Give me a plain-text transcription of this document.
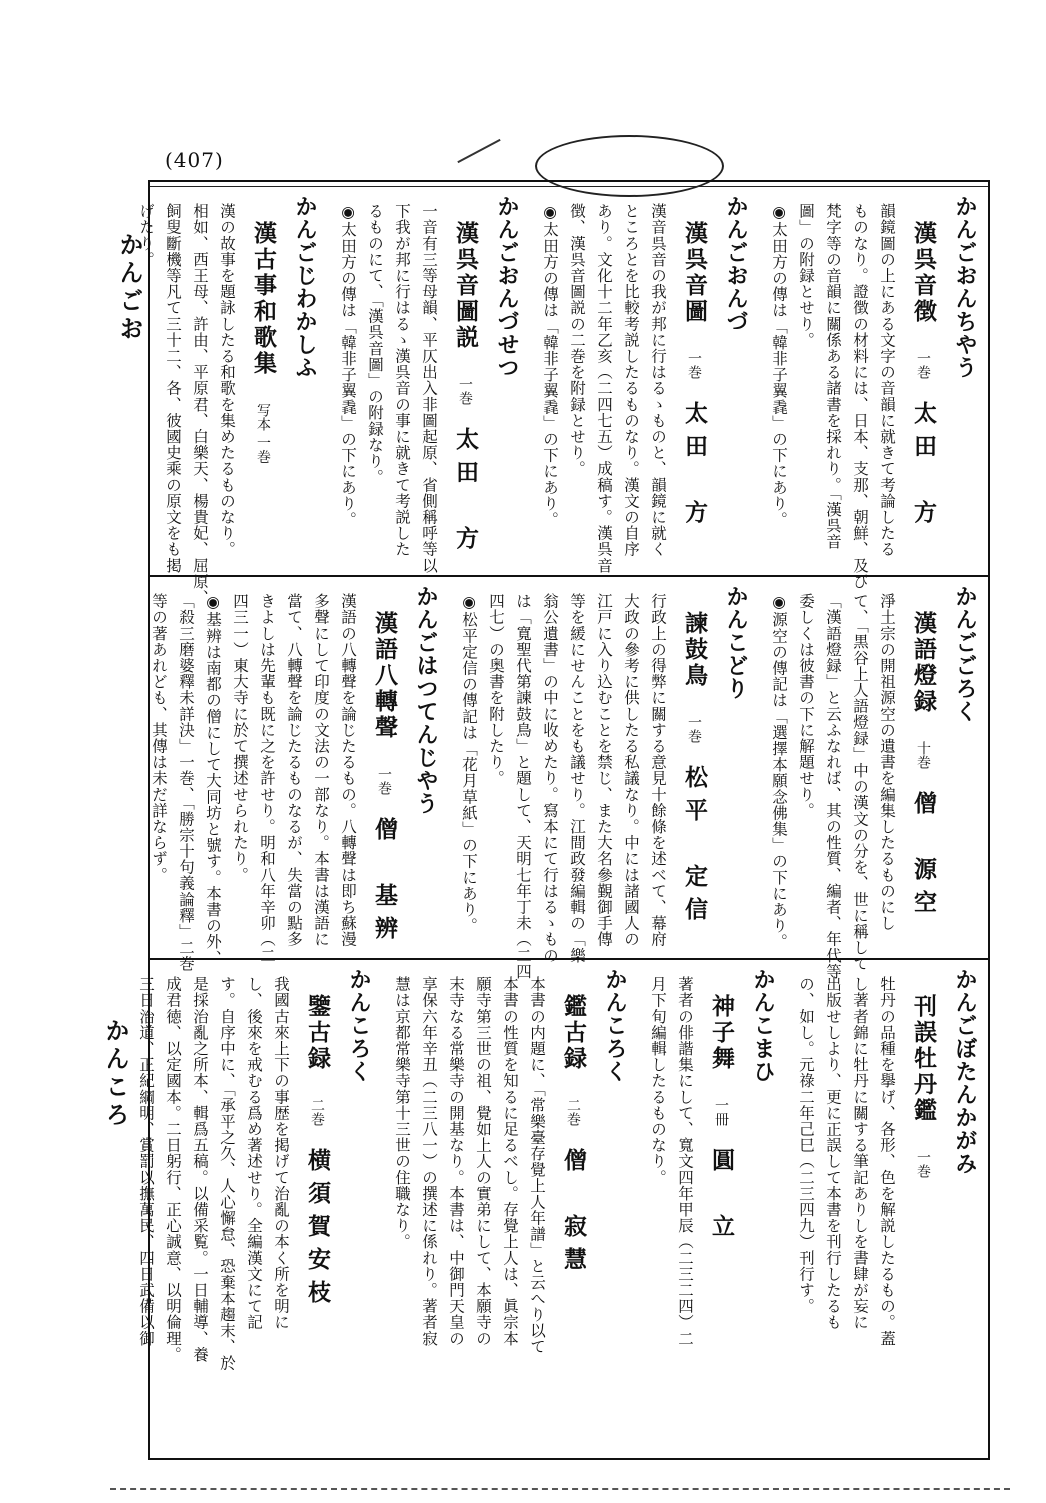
(407)
かんごお
かんころ
かんごおんちやう
漢呉音徴
一巻
太田　方

韻鏡圖の上にある文字の音韻に就きて考論したる

ものなり。證徴の材料には、日本、支那、朝鮮、及び

梵字等の音韻に關係ある諸書を採れり。「漢呉音

圖」の附録とせり。

◉太田方の傳は「韓非子翼毳」の下にあり。

かんごおんづ
漢呉音圖
一巻
太田　方

漢音呉音の我が邦に行はるゝものと、韻鏡に就く

ところとを比較考説したるものなり。漢文の自序

あり。文化十二年乙亥（二四七五）成稿す。漢呉音

徴、漢呉音圖説の二巻を附録とせり。

◉太田方の傳は「韓非子翼毳」の下にあり。

かんごおんづせつ
漢呉音圖説
一巻
太田　方

一音有三等母韻、平仄出入非圖起原、省側稱呼等以

下我が邦に行はるゝ漢呉音の事に就きて考説した

るものにて、「漢呉音圖」の附録なり。

◉太田方の傳は「韓非子翼毳」の下にあり。

かんごじわかしふ
漢古事和歌集
写本 一巻

漢の故事を題詠したる和歌を集めたるものなり。

相如、西王母、許由、平原君、白樂天、楊貴妃、屈原、

飼叟斷機等凡て三十二、各、彼國史乘の原文をも掲

げたり。

かんごごろく
漢語燈録
十巻
僧　源空

淨土宗の開祖源空の遺書を編集したるものにし

て、「黒谷上人語燈録」中の漢文の分を、世に稱して

「漢語燈録」と云ふなれば、其の性質、編者、年代等

委しくは彼書の下に解題せり。

◉源空の傳記は「選擇本願念佛集」の下にあり。

かんこどり
諫鼓鳥
一巻
松平　定信

行政上の得弊に關する意見十餘條を述べて、幕府

大政の參考に供したる私議なり。中には諸國人の

江戸に入り込むことを禁じ、また大名參覲御手傳

等を緩にせんことをも議せり。江間政發編輯の「樂

翁公遺書」の中に收めたり。寫本にて行はるゝもの

は「寬聖代第諫鼓鳥」と題して、天明七年丁未（二四

四七）の奥書を附したり。

◉松平定信の傳記は「花月草紙」の下にあり。

かんごはつてんじやう
漢語八轉聲
一巻
僧　基辨

漢語の八轉聲を論じたるもの。八轉聲は即ち蘇漫

多聲にして印度の文法の一部なり。本書は漢語に

當て、八轉聲を論じたるものなるが、失當の點多

きよしは先輩も既に之を許せり。明和八年辛卯（二

四三一）東大寺に於て撰述せられたり。

◉基辨は南都の僧にして大同坊と號す。本書の外、

「殺三磨婆釋未詳決」一巻、「勝宗十句義論釋」二巻

等の著あれども、其傳は未だ詳ならず。

かんごぼたんかがみ
刊誤牡丹鑑
一巻

牡丹の品種を擧げ、各形、色を解説したるもの。蓋

し著者錦に牡丹に關する筆記ありしを書肆が妄に

出版せしより、更に正誤して本書を刊行したるも

の、如し。元祿二年己巳（二三四九）刊行す。

かんこまひ
神子舞
一冊
圓　立

著者の俳諧集にして、寬文四年甲辰（二三二四）二

月下旬編輯したるものなり。

かんころく
鑑古録
二巻
僧　寂慧

本書の内題に、「常樂臺存覺上人年譜」と云へり以て

本書の性質を知るに足るべし。存覺上人は、眞宗本

願寺第三世の祖、覺如上人の實弟にして、本願寺の

末寺なる常樂寺の開基なり。本書は、中御門天皇の

享保六年辛丑（二三八一）の撰述に係れり。著者寂

慧は京都常樂寺第十三世の住職なり。

かんころく
鑒古録
二巻
横須賀安枝

我國古來上下の事歴を掲げて治亂の本く所を明に

し、後來を戒むる爲め著述せり。全編漢文にて記

す。自序中に、「承平之久、人心懈怠、恐棄本趨末、於

是採治亂之所本、輯爲五稿。以備采覧。一日輔導、養

成君徳、以定國本。二日躬行、正心誠意、以明倫理。

三日治道、正紀綱明、賞罰以撫萬民、四日武備以御
